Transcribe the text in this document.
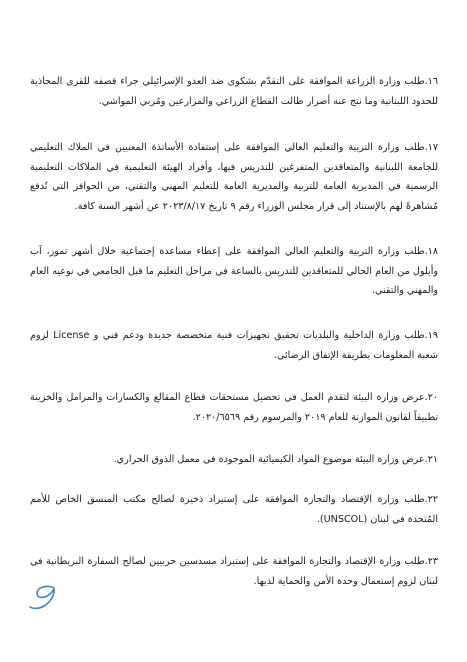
١٦.طلب وزارة الزراعة الموافقة على التقدّم بشكوى ضد العدو الإسرائيلي جراء قصفه للقرى المحاذية للحدود اللبنانية وما نتج عنه أضرار طالت القطاع الزراعي والمزارعين ومُربي المواشي.

١٧.طلب وزارة التربية والتعليم العالي الموافقة على إستفادة الأساتذة المعنيين في الملاك التعليمي للجامعة اللبنانية والمتعاقدين المتفرغين للتدريس فيها، وأفراد الهيئة التعليمية في الملاكات التعليمية الرسمية في المديرية العامة للتربية والمديرية العامة للتعليم المهني والتقني، من الحوافز التي تُدفع مُشاهرةً لهم بالإستناد إلى قرار مجلس الوزراء رقم ٩ تاريخ ٢٠٢٣/٨/١٧ عن أشهر السنة كافة.

١٨.طلب وزارة التربية والتعليم العالي الموافقة على إعطاء مساعدة إجتماعية خلال أشهر تموز، آب وأيلول من العام الحالي للمتعاقدين للتدريس بالساعة في مراحل التعليم ما قبل الجامعي في نوعيه العام والمهني والتقني.

١٩.طلب وزارة الداخلية والبلديات تحقيق تجهيزات فنية متخصصة جديدة ودعم فني و License لزوم شعبة المعلومات بطريقة الإتفاق الرضائي.

٢٠.عرض وزارة البيئة لتقدم العمل في تحصيل مستحقات قطاع المقالع والكسارات والمرامل والخزينة تطبيقاً لقانون الموازنة للعام ٢٠١٩ والمرسوم رقم ٢٠٢٠/٦٥٦٩.

٢١.عرض وزارة البيئة موضوع المواد الكيميائية الموجودة في معمل الذوق الحراري.

٢٢.طلب وزارة الإقتصاد والتجارة الموافقة على إستيراد ذخيرة لصالح مكتب المنسق الخاص للأمم المُتحدة في لبنان (UNSCOL).

٢٣.طلب وزارة الإقتصاد والتجارة الموافقة على إستيراد مسدسين حربيين لصالح السفارة البريطانية في لبنان لزوم إستعمال وحدة الأمن والحماية لديها.
